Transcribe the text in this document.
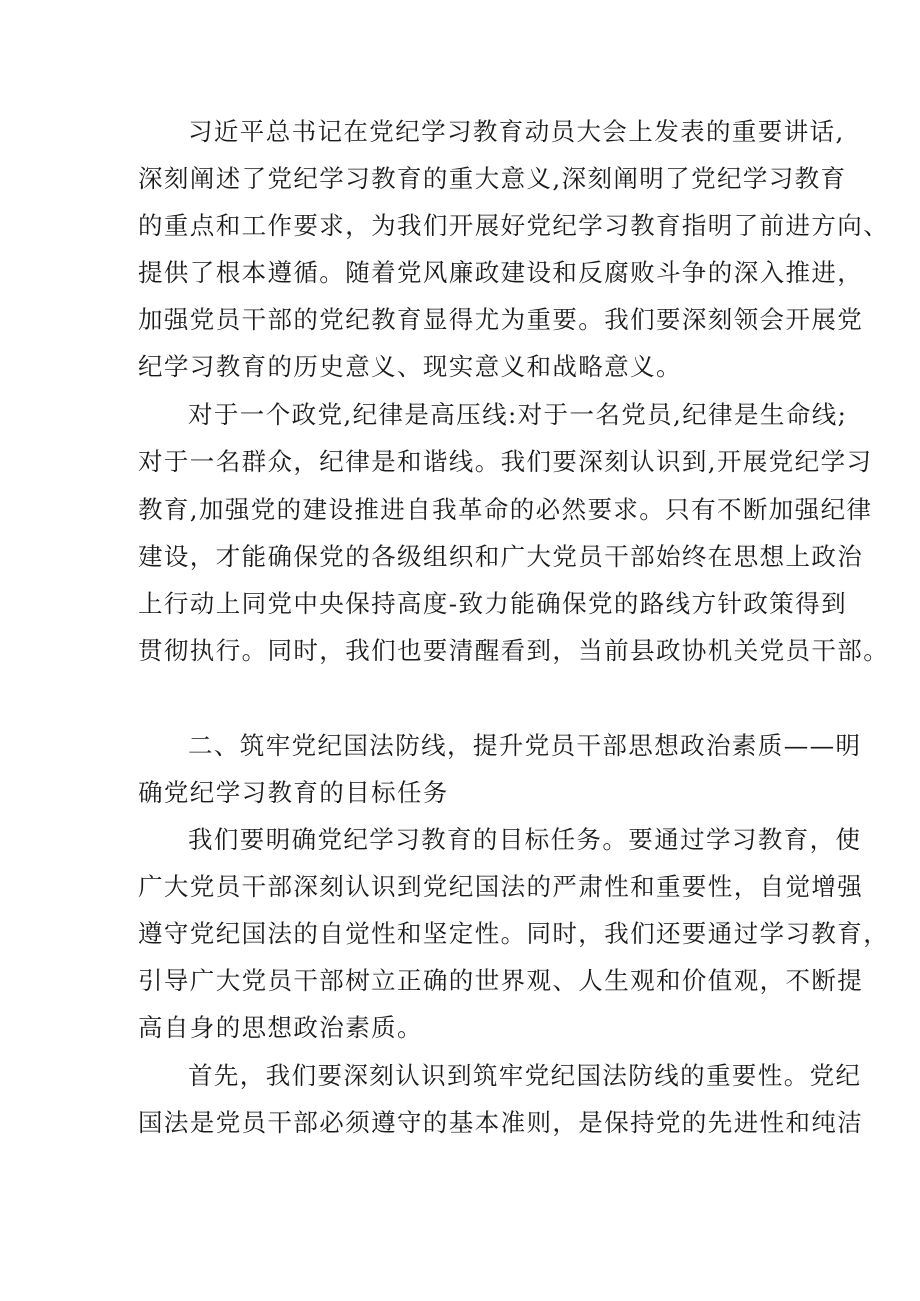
习近平总书记在党纪学习教育动员大会上发表的重要讲话,
深刻阐述了党纪学习教育的重大意义,深刻阐明了党纪学习教育
的重点和工作要求，为我们开展好党纪学习教育指明了前进方向、
提供了根本遵循。随着党风廉政建设和反腐败斗争的深入推进，
加强党员干部的党纪教育显得尤为重要。我们要深刻领会开展党
纪学习教育的历史意义、现实意义和战略意义。
对于一个政党,纪律是高压线:对于一名党员,纪律是生命线;
对于一名群众，纪律是和谐线。我们要深刻认识到,开展党纪学习
教育,加强党的建设推进自我革命的必然要求。只有不断加强纪律
建设，才能确保党的各级组织和广大党员干部始终在思想上政治
上行动上同党中央保持高度-致力能确保党的路线方针政策得到
贯彻执行。同时，我们也要清醒看到，当前县政协机关党员干部。
二、筑牢党纪国法防线，提升党员干部思想政治素质——明
确党纪学习教育的目标任务
我们要明确党纪学习教育的目标任务。要通过学习教育，使
广大党员干部深刻认识到党纪国法的严肃性和重要性，自觉增强
遵守党纪国法的自觉性和坚定性。同时，我们还要通过学习教育，
引导广大党员干部树立正确的世界观、人生观和价值观，不断提
高自身的思想政治素质。
首先，我们要深刻认识到筑牢党纪国法防线的重要性。党纪
国法是党员干部必须遵守的基本准则，是保持党的先进性和纯洁
